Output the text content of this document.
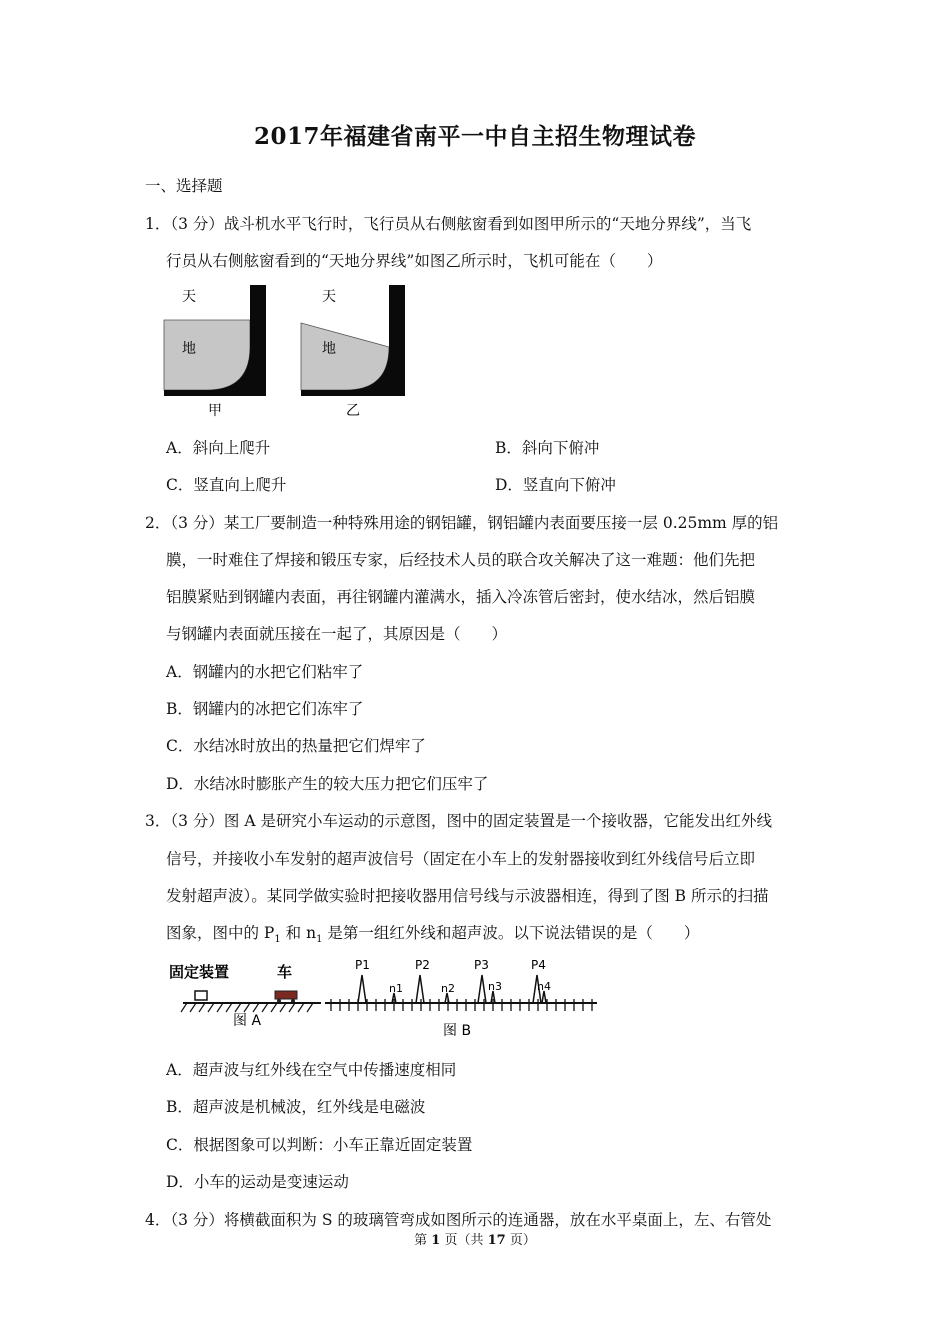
2017年福建省南平一中自主招生物理试卷
一、选择题
1．（3 分）战斗机水平飞行时，飞行员从右侧舷窗看到如图甲所示的“天地分界线”，当飞
行员从右侧舷窗看到的“天地分界线”如图乙所示时，飞机可能在（　　）
天
地
甲
天
地
乙
A．斜向上爬升	B．斜向下俯冲
C．竖直向上爬升	D．竖直向下俯冲
2．（3 分）某工厂要制造一种特殊用途的钢铝罐，钢铝罐内表面要压接一层 0.25mm 厚的铝
膜，一时难住了焊接和锻压专家，后经技术人员的联合攻关解决了这一难题：他们先把
铝膜紧贴到钢罐内表面，再往钢罐内灌满水，插入冷冻管后密封，使水结冰，然后铝膜
与钢罐内表面就压接在一起了，其原因是（　　）
A．钢罐内的水把它们粘牢了
B．钢罐内的冰把它们冻牢了
C．水结冰时放出的热量把它们焊牢了
D．水结冰时膨胀产生的较大压力把它们压牢了
3．（3 分）图 A 是研究小车运动的示意图，图中的固定装置是一个接收器，它能发出红外线
信号，并接收小车发射的超声波信号（固定在小车上的发射器接收到红外线信号后立即
发射超声波）。某同学做实验时把接收器用信号线与示波器相连，得到了图 B 所示的扫描
图象，图中的 $P_1$ 和 $n_1$ 是第一组红外线和超声波。以下说法错误的是（　　）
固定装置	车
图 A
P1	P2	P3	P4
n1	n2	n3	n4
图 B
A．超声波与红外线在空气中传播速度相同
B．超声波是机械波，红外线是电磁波
C．根据图象可以判断：小车正靠近固定装置
D．小车的运动是变速运动
4．（3 分）将横截面积为 S 的玻璃管弯成如图所示的连通器，放在水平桌面上，左、右管处
第 1 页（共 17 页）
